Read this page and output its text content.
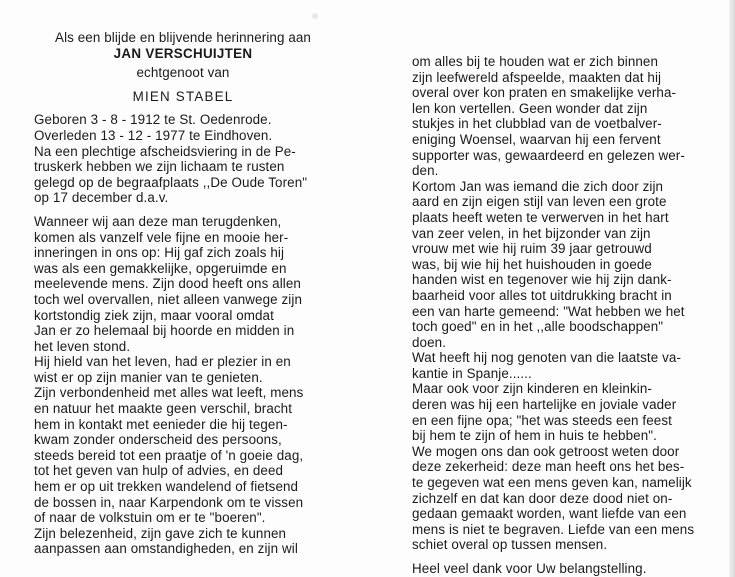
Als een blijde en blijvende herinnering aan
JAN VERSCHUIJTEN
echtgenoot van
MIEN STABEL
Geboren 3 - 8 - 1912 te St. Oedenrode.
Overleden 13 - 12 - 1977 te Eindhoven.
Na een plechtige afscheidsviering in de Pe-
truskerk hebben we zijn lichaam te rusten
gelegd op de begraafplaats ,,De Oude Toren"
op 17 december d.a.v.
Wanneer wij aan deze man terugdenken,
komen als vanzelf vele fijne en mooie her-
inneringen in ons op: Hij gaf zich zoals hij
was als een gemakkelijke, opgeruimde en
meelevende mens. Zijn dood heeft ons allen
toch wel overvallen, niet alleen vanwege zijn
kortstondig ziek zijn, maar vooral omdat
Jan er zo helemaal bij hoorde en midden in
het leven stond.
Hij hield van het leven, had er plezier in en
wist er op zijn manier van te genieten.
Zijn verbondenheid met alles wat leeft, mens
en natuur het maakte geen verschil, bracht
hem in kontakt met eenieder die hij tegen-
kwam zonder onderscheid des persoons,
steeds bereid tot een praatje of 'n goeie dag,
tot het geven van hulp of advies, en deed
hem er op uit trekken wandelend of fietsend
de bossen in, naar Karpendonk om te vissen
of naar de volkstuin om er te "boeren".
Zijn belezenheid, zijn gave zich te kunnen
aanpassen aan omstandigheden, en zijn wil
om alles bij te houden wat er zich binnen
zijn leefwereld afspeelde, maakten dat hij
overal over kon praten en smakelijke verha-
len kon vertellen. Geen wonder dat zijn
stukjes in het clubblad van de voetbalver-
eniging Woensel, waarvan hij een fervent
supporter was, gewaardeerd en gelezen wer-
den.
Kortom Jan was iemand die zich door zijn
aard en zijn eigen stijl van leven een grote
plaats heeft weten te verwerven in het hart
van zeer velen, in het bijzonder van zijn
vrouw met wie hij ruim 39 jaar getrouwd
was, bij wie hij het huishouden in goede
handen wist en tegenover wie hij zijn dank-
baarheid voor alles tot uitdrukking bracht in
een van harte gemeend: "Wat hebben we het
toch goed" en in het ,,alle boodschappen"
doen.
Wat heeft hij nog genoten van die laatste va-
kantie in Spanje......
Maar ook voor zijn kinderen en kleinkin-
deren was hij een hartelijke en joviale vader
en een fijne opa; "het was steeds een feest
bij hem te zijn of hem in huis te hebben".
We mogen ons dan ook getroost weten door
deze zekerheid: deze man heeft ons het bes-
te gegeven wat een mens geven kan, namelijk
zichzelf en dat kan door deze dood niet on-
gedaan gemaakt worden, want liefde van een
mens is niet te begraven. Liefde van een mens
schiet overal op tussen mensen.
Heel veel dank voor Uw belangstelling.
